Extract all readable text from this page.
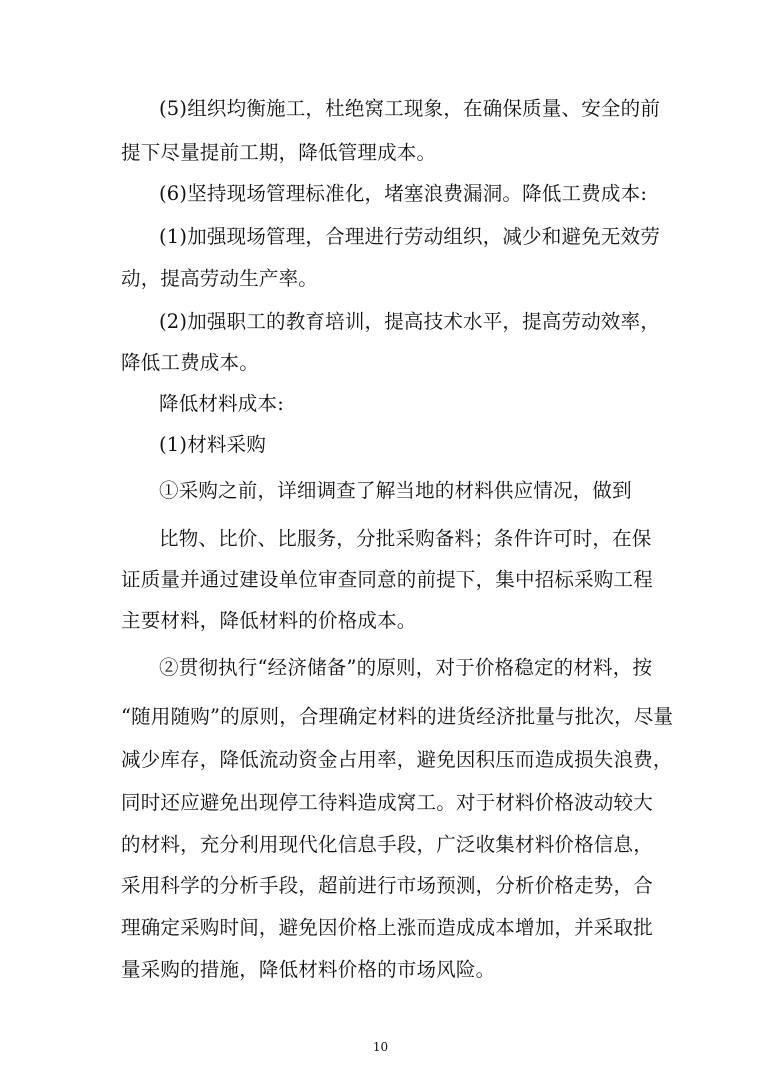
(5)组织均衡施工，杜绝窝工现象，在确保质量、安全的前
提下尽量提前工期，降低管理成本。
(6)坚持现场管理标准化，堵塞浪费漏洞。降低工费成本:
(1)加强现场管理，合理进行劳动组织，减少和避免无效劳
动，提高劳动生产率。
(2)加强职工的教育培训，提高技术水平，提高劳动效率，
降低工费成本。
降低材料成本:
(1)材料采购
①采购之前，详细调查了解当地的材料供应情况，做到
比物、比价、比服务，分批采购备料；条件许可时，在保
证质量并通过建设单位审查同意的前提下，集中招标采购工程
主要材料，降低材料的价格成本。
②贯彻执行“经济储备”的原则，对于价格稳定的材料，按
“随用随购”的原则，合理确定材料的进货经济批量与批次，尽量
减少库存，降低流动资金占用率，避免因积压而造成损失浪费，
同时还应避免出现停工待料造成窝工。对于材料价格波动较大
的材料，充分利用现代化信息手段，广泛收集材料价格信息，
采用科学的分析手段，超前进行市场预测，分析价格走势，合
理确定采购时间，避免因价格上涨而造成成本增加，并采取批
量采购的措施，降低材料价格的市场风险。
10
